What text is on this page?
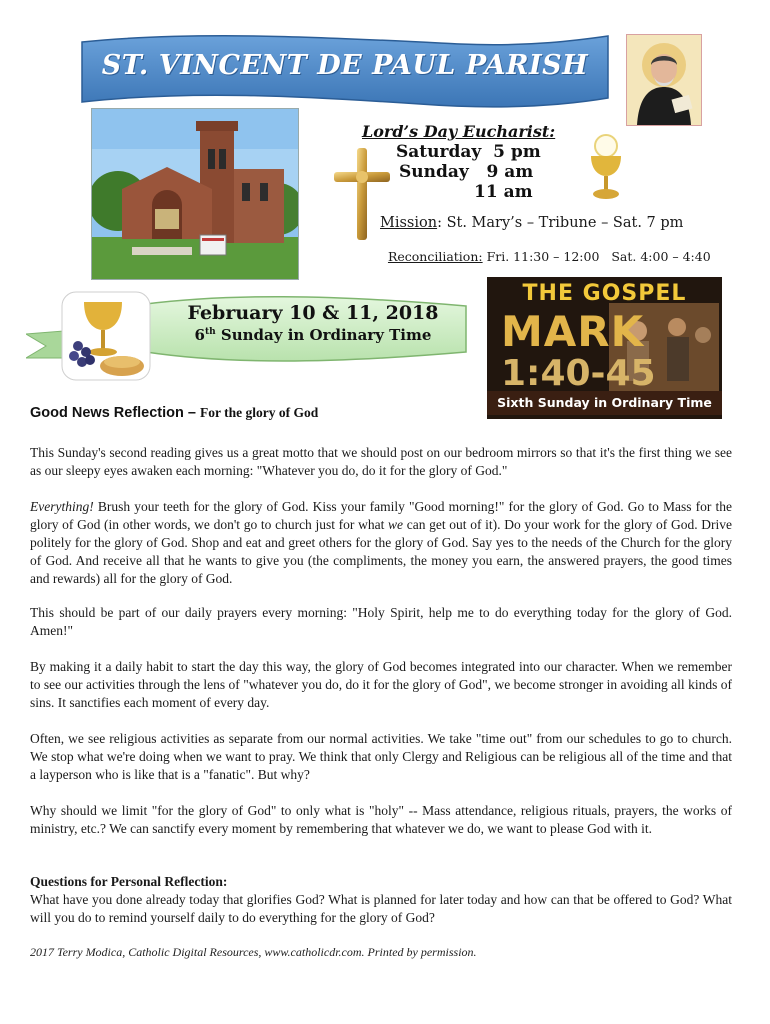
ST. VINCENT DE PAUL PARISH
Lord’s Day Eucharist:
Saturday  5 pm
Sunday   9 am
11 am
Mission: St. Mary’s – Tribune – Sat. 7 pm

Reconciliation: Fri. 11:30 – 12:00   Sat. 4:00 – 4:40

February 10 & 11, 2018
6th Sunday in Ordinary Time
THE GOSPEL
MARK
1:40-45
Sixth Sunday in Ordinary Time
Good News Reflection – For the glory of God
This Sunday's second reading gives us a great motto that we should post on our bedroom mirrors so that it's the first thing we see as our sleepy eyes awaken each morning: "Whatever you do, do it for the glory of God."
Everything! Brush your teeth for the glory of God. Kiss your family "Good morning!" for the glory of God. Go to Mass for the glory of God (in other words, we don't go to church just for what we can get out of it). Do your work for the glory of God. Drive politely for the glory of God. Shop and eat and greet others for the glory of God. Say yes to the needs of the Church for the glory of God. And receive all that he wants to give you (the compliments, the money you earn, the answered prayers, the good times and rewards) all for the glory of God.
This should be part of our daily prayers every morning: "Holy Spirit, help me to do everything today for the glory of God. Amen!"
By making it a daily habit to start the day this way, the glory of God becomes integrated into our character. When we remember to see our activities through the lens of "whatever you do, do it for the glory of God", we become stronger in avoiding all kinds of sins. It sanctifies each moment of every day.
Often, we see religious activities as separate from our normal activities. We take "time out" from our schedules to go to church. We stop what we're doing when we want to pray. We think that only Clergy and Religious can be religious all of the time and that a layperson who is like that is a "fanatic". But why?
Why should we limit "for the glory of God" to only what is "holy" -- Mass attendance, religious rituals, prayers, the works of ministry, etc.? We can sanctify every moment by remembering that whatever we do, we want to please God with it.
Questions for Personal Reflection:
What have you done already today that glorifies God? What is planned for later today and how can that be offered to God? What will you do to remind yourself daily to do everything for the glory of God?
2017 Terry Modica, Catholic Digital Resources, www.catholicdr.com. Printed by permission.
